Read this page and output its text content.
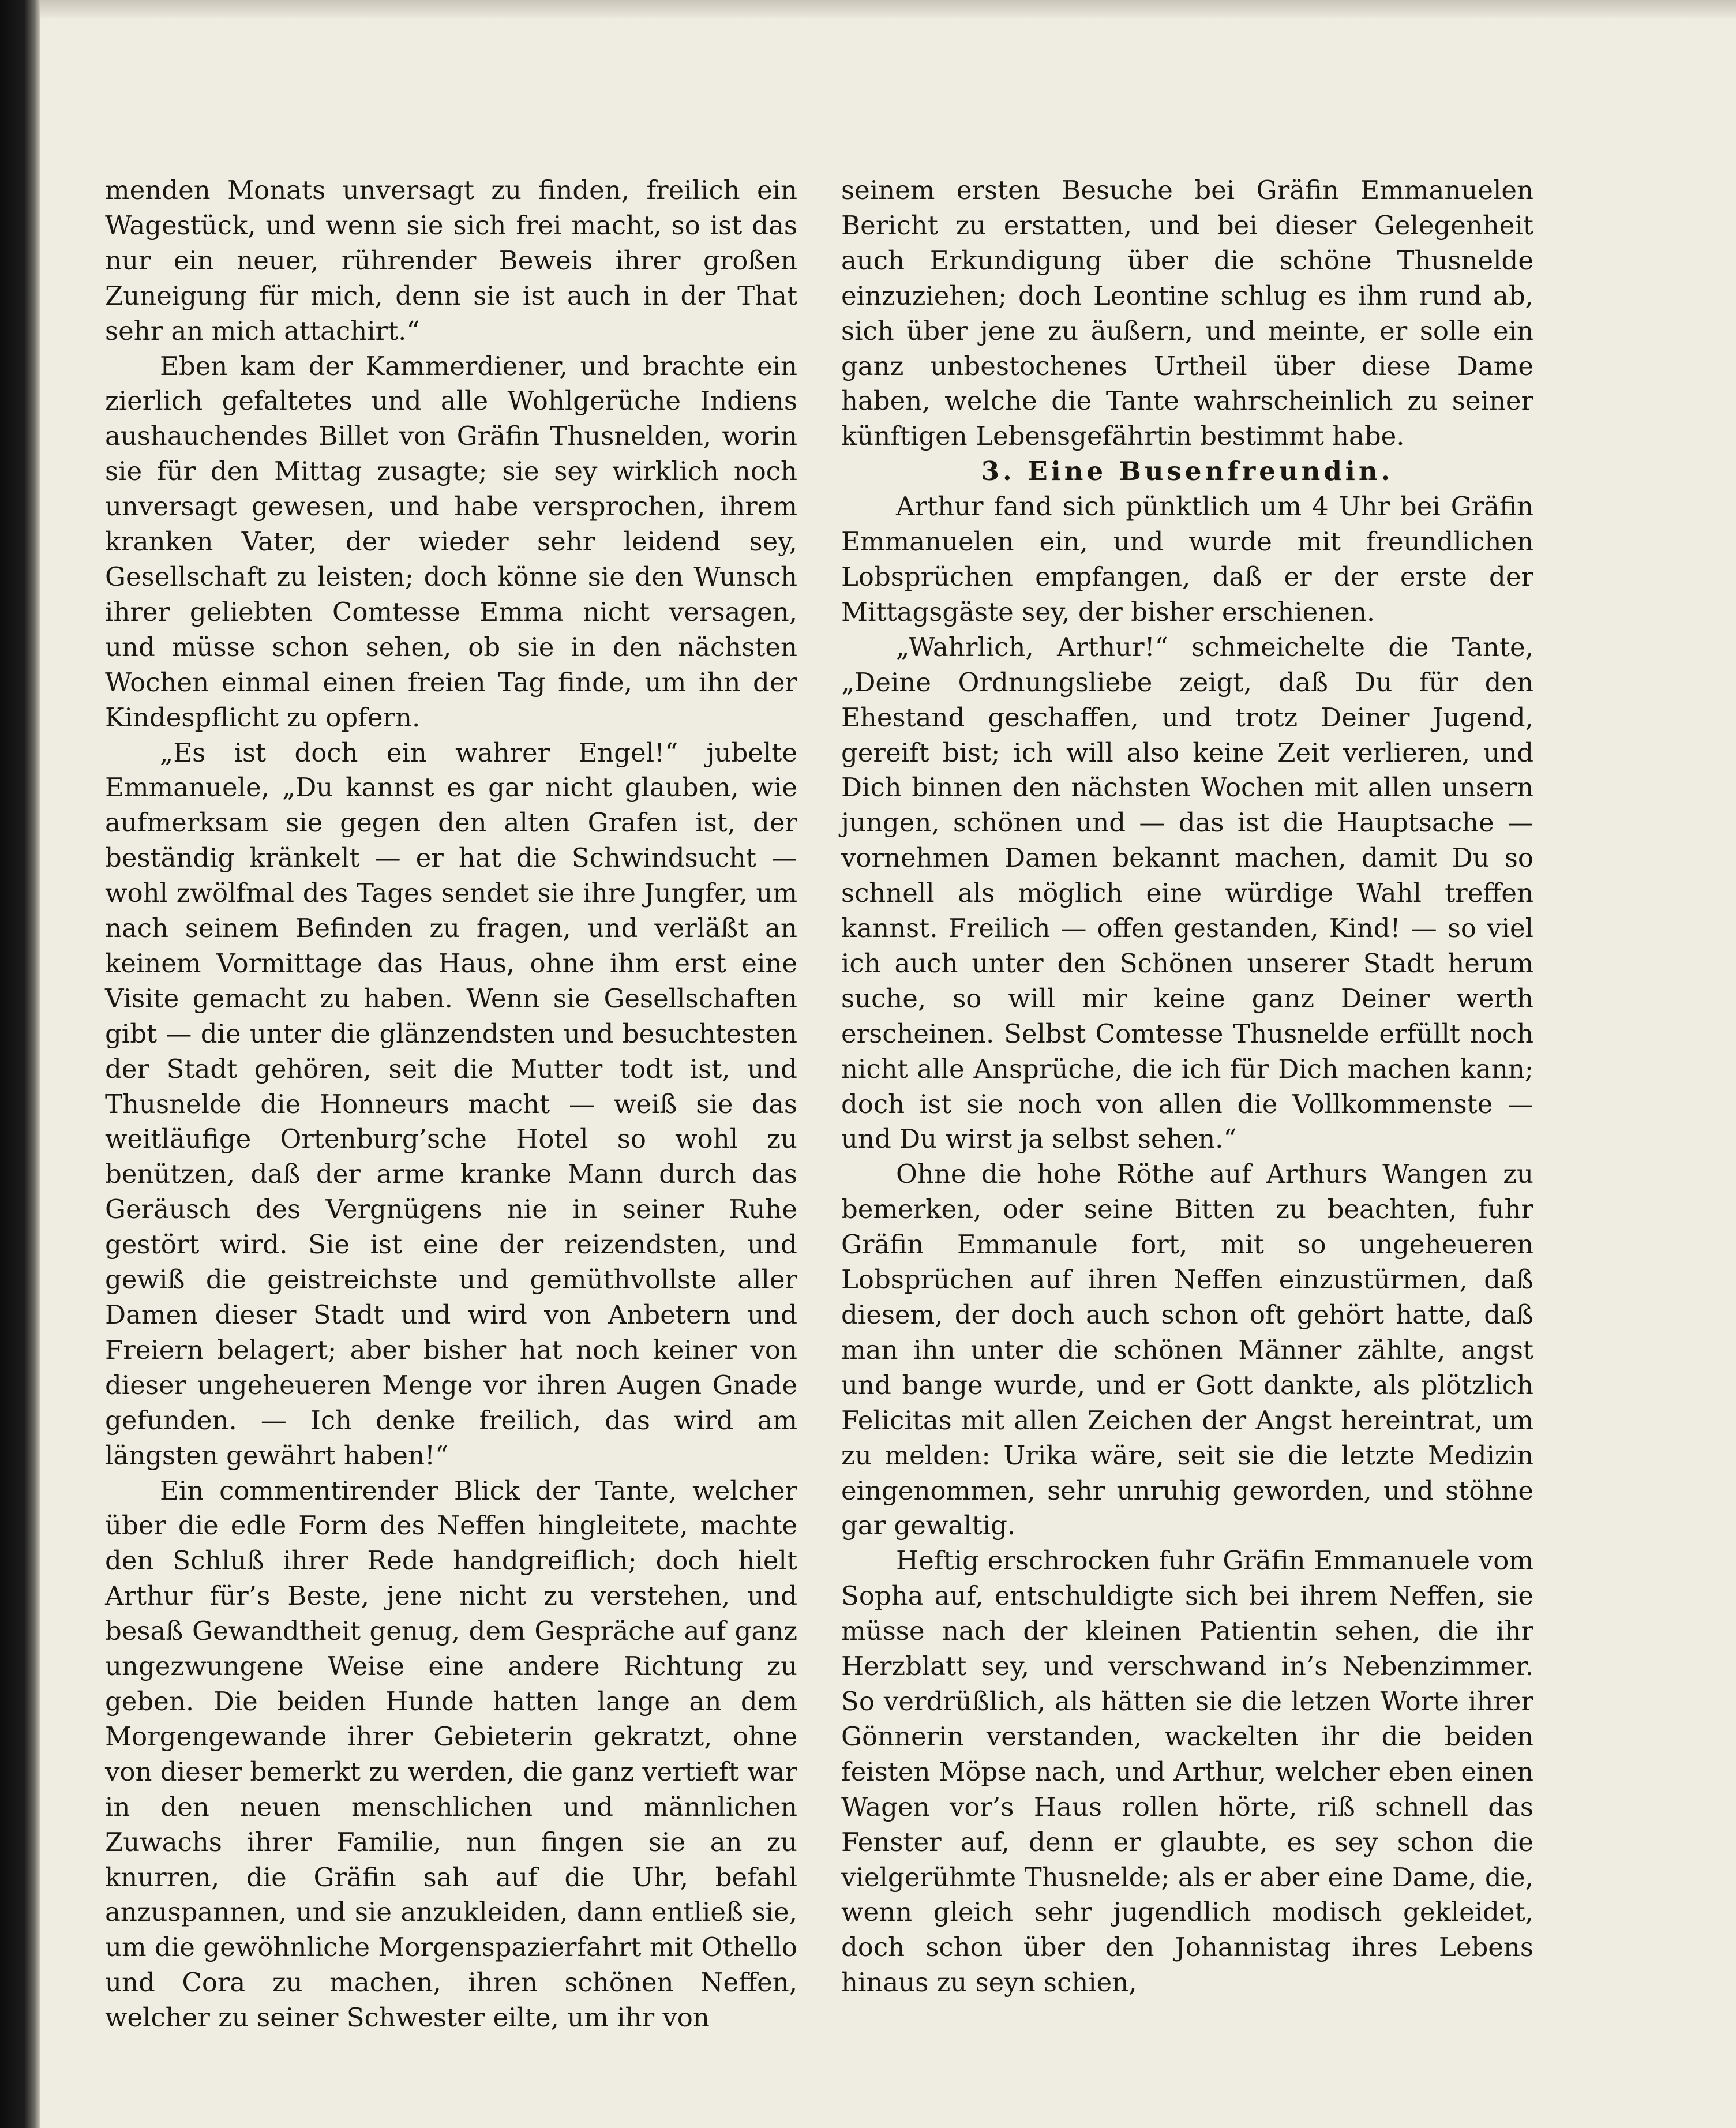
menden Monats unversagt zu finden, freilich ein Wagestück, und wenn sie sich frei macht, so ist das nur ein neuer, rührender Beweis ihrer großen Zuneigung für mich, denn sie ist auch in der That sehr an mich attachirt.“

Eben kam der Kammerdiener, und brachte ein zierlich gefaltetes und alle Wohlgerüche Indiens aushauchendes Billet von Gräfin Thusnelden, worin sie für den Mittag zusagte; sie sey wirklich noch unversagt gewesen, und habe versprochen, ihrem kranken Vater, der wieder sehr leidend sey, Gesellschaft zu leisten; doch könne sie den Wunsch ihrer geliebten Comtesse Emma nicht versagen, und müsse schon sehen, ob sie in den nächsten Wochen einmal einen freien Tag finde, um ihn der Kindespflicht zu opfern.

„Es ist doch ein wahrer Engel!“ jubelte Emmanuele, „Du kannst es gar nicht glauben, wie aufmerksam sie gegen den alten Grafen ist, der beständig kränkelt — er hat die Schwindsucht — wohl zwölfmal des Tages sendet sie ihre Jungfer, um nach seinem Befinden zu fragen, und verläßt an keinem Vormittage das Haus, ohne ihm erst eine Visite gemacht zu haben. Wenn sie Gesellschaften gibt — die unter die glänzendsten und besuchtesten der Stadt gehören, seit die Mutter todt ist, und Thusnelde die Honneurs macht — weiß sie das weitläufige Ortenburg’sche Hotel so wohl zu benützen, daß der arme kranke Mann durch das Geräusch des Vergnügens nie in seiner Ruhe gestört wird. Sie ist eine der reizendsten, und gewiß die geistreichste und gemüthvollste aller Damen dieser Stadt und wird von Anbetern und Freiern belagert; aber bisher hat noch keiner von dieser ungeheueren Menge vor ihren Augen Gnade gefunden. — Ich denke freilich, das wird am längsten gewährt haben!“

Ein commentirender Blick der Tante, welcher über die edle Form des Neffen hingleitete, machte den Schluß ihrer Rede handgreiflich; doch hielt Arthur für’s Beste, jene nicht zu verstehen, und besaß Gewandtheit genug, dem Gespräche auf ganz ungezwungene Weise eine andere Richtung zu geben. Die beiden Hunde hatten lange an dem Morgengewande ihrer Gebieterin gekratzt, ohne von dieser bemerkt zu werden, die ganz vertieft war in den neuen menschlichen und männlichen Zuwachs ihrer Familie, nun fingen sie an zu knurren, die Gräfin sah auf die Uhr, befahl anzuspannen, und sie anzukleiden, dann entließ sie, um die gewöhnliche Morgenspazierfahrt mit Othello und Cora zu machen, ihren schönen Neffen, welcher zu seiner Schwester eilte, um ihr von

seinem ersten Besuche bei Gräfin Emmanuelen Bericht zu erstatten, und bei dieser Gelegenheit auch Erkundigung über die schöne Thusnelde einzuziehen; doch Leontine schlug es ihm rund ab, sich über jene zu äußern, und meinte, er solle ein ganz unbestochenes Urtheil über diese Dame haben, welche die Tante wahrscheinlich zu seiner künftigen Lebensgefährtin bestimmt habe.

3. Eine Busenfreundin.

Arthur fand sich pünktlich um 4 Uhr bei Gräfin Emmanuelen ein, und wurde mit freundlichen Lobsprüchen empfangen, daß er der erste der Mittagsgäste sey, der bisher erschienen.

„Wahrlich, Arthur!“ schmeichelte die Tante, „Deine Ordnungsliebe zeigt, daß Du für den Ehestand geschaffen, und trotz Deiner Jugend, gereift bist; ich will also keine Zeit verlieren, und Dich binnen den nächsten Wochen mit allen unsern jungen, schönen und — das ist die Hauptsache — vornehmen Damen bekannt machen, damit Du so schnell als möglich eine würdige Wahl treffen kannst. Freilich — offen gestanden, Kind! — so viel ich auch unter den Schönen unserer Stadt herum suche, so will mir keine ganz Deiner werth erscheinen. Selbst Comtesse Thusnelde erfüllt noch nicht alle Ansprüche, die ich für Dich machen kann; doch ist sie noch von allen die Vollkommenste — und Du wirst ja selbst sehen.“

Ohne die hohe Röthe auf Arthurs Wangen zu bemerken, oder seine Bitten zu beachten, fuhr Gräfin Emmanule fort, mit so ungeheueren Lobsprüchen auf ihren Neffen einzustürmen, daß diesem, der doch auch schon oft gehört hatte, daß man ihn unter die schönen Männer zählte, angst und bange wurde, und er Gott dankte, als plötzlich Felicitas mit allen Zeichen der Angst hereintrat, um zu melden: Urika wäre, seit sie die letzte Medizin eingenommen, sehr unruhig geworden, und stöhne gar gewaltig.

Heftig erschrocken fuhr Gräfin Emmanuele vom Sopha auf, entschuldigte sich bei ihrem Neffen, sie müsse nach der kleinen Patientin sehen, die ihr Herzblatt sey, und verschwand in’s Nebenzimmer. So verdrüßlich, als hätten sie die letzen Worte ihrer Gönnerin verstanden, wackelten ihr die beiden feisten Möpse nach, und Arthur, welcher eben einen Wagen vor’s Haus rollen hörte, riß schnell das Fenster auf, denn er glaubte, es sey schon die vielgerühmte Thusnelde; als er aber eine Dame, die, wenn gleich sehr jugendlich modisch gekleidet, doch schon über den Johannistag ihres Lebens hinaus zu seyn schien,
